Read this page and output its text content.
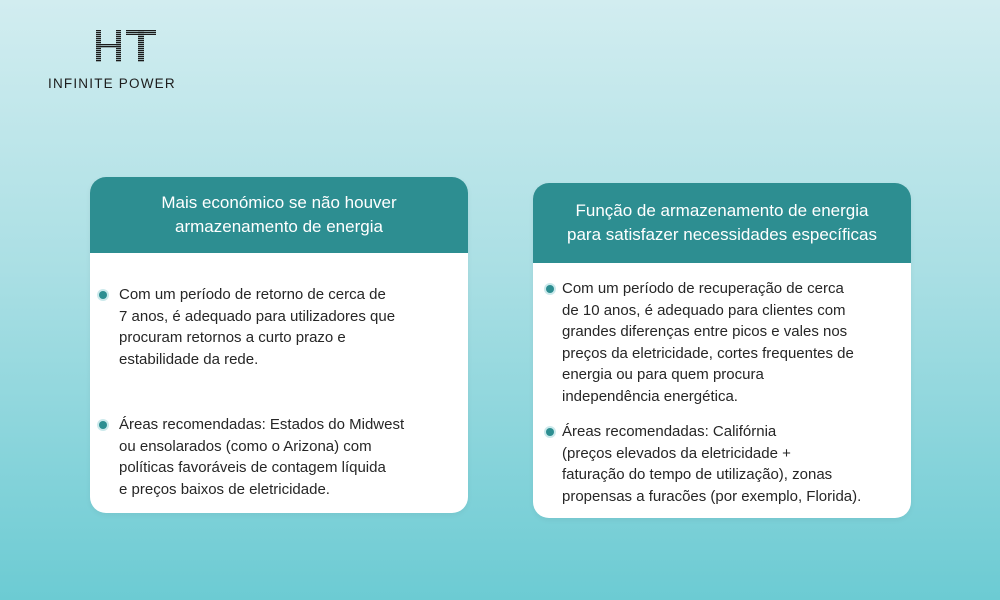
INFINITE POWER
Mais económico se não houver
armazenamento de energia
Com um período de retorno de cerca de
7 anos, é adequado para utilizadores que
procuram retornos a curto prazo e
estabilidade da rede.
Áreas recomendadas: Estados do Midwest
ou ensolarados (como o Arizona) com
políticas favoráveis de contagem líquida
e preços baixos de eletricidade.
Função de armazenamento de energia
para satisfazer necessidades específicas
Com um período de recuperação de cerca
de 10 anos, é adequado para clientes com
grandes diferenças entre picos e vales nos
preços da eletricidade, cortes frequentes de
energia ou para quem procura
independência energética.
Áreas recomendadas: Califórnia
(preços elevados da eletricidade +
faturação do tempo de utilização), zonas
propensas a furacões (por exemplo, Florida).
